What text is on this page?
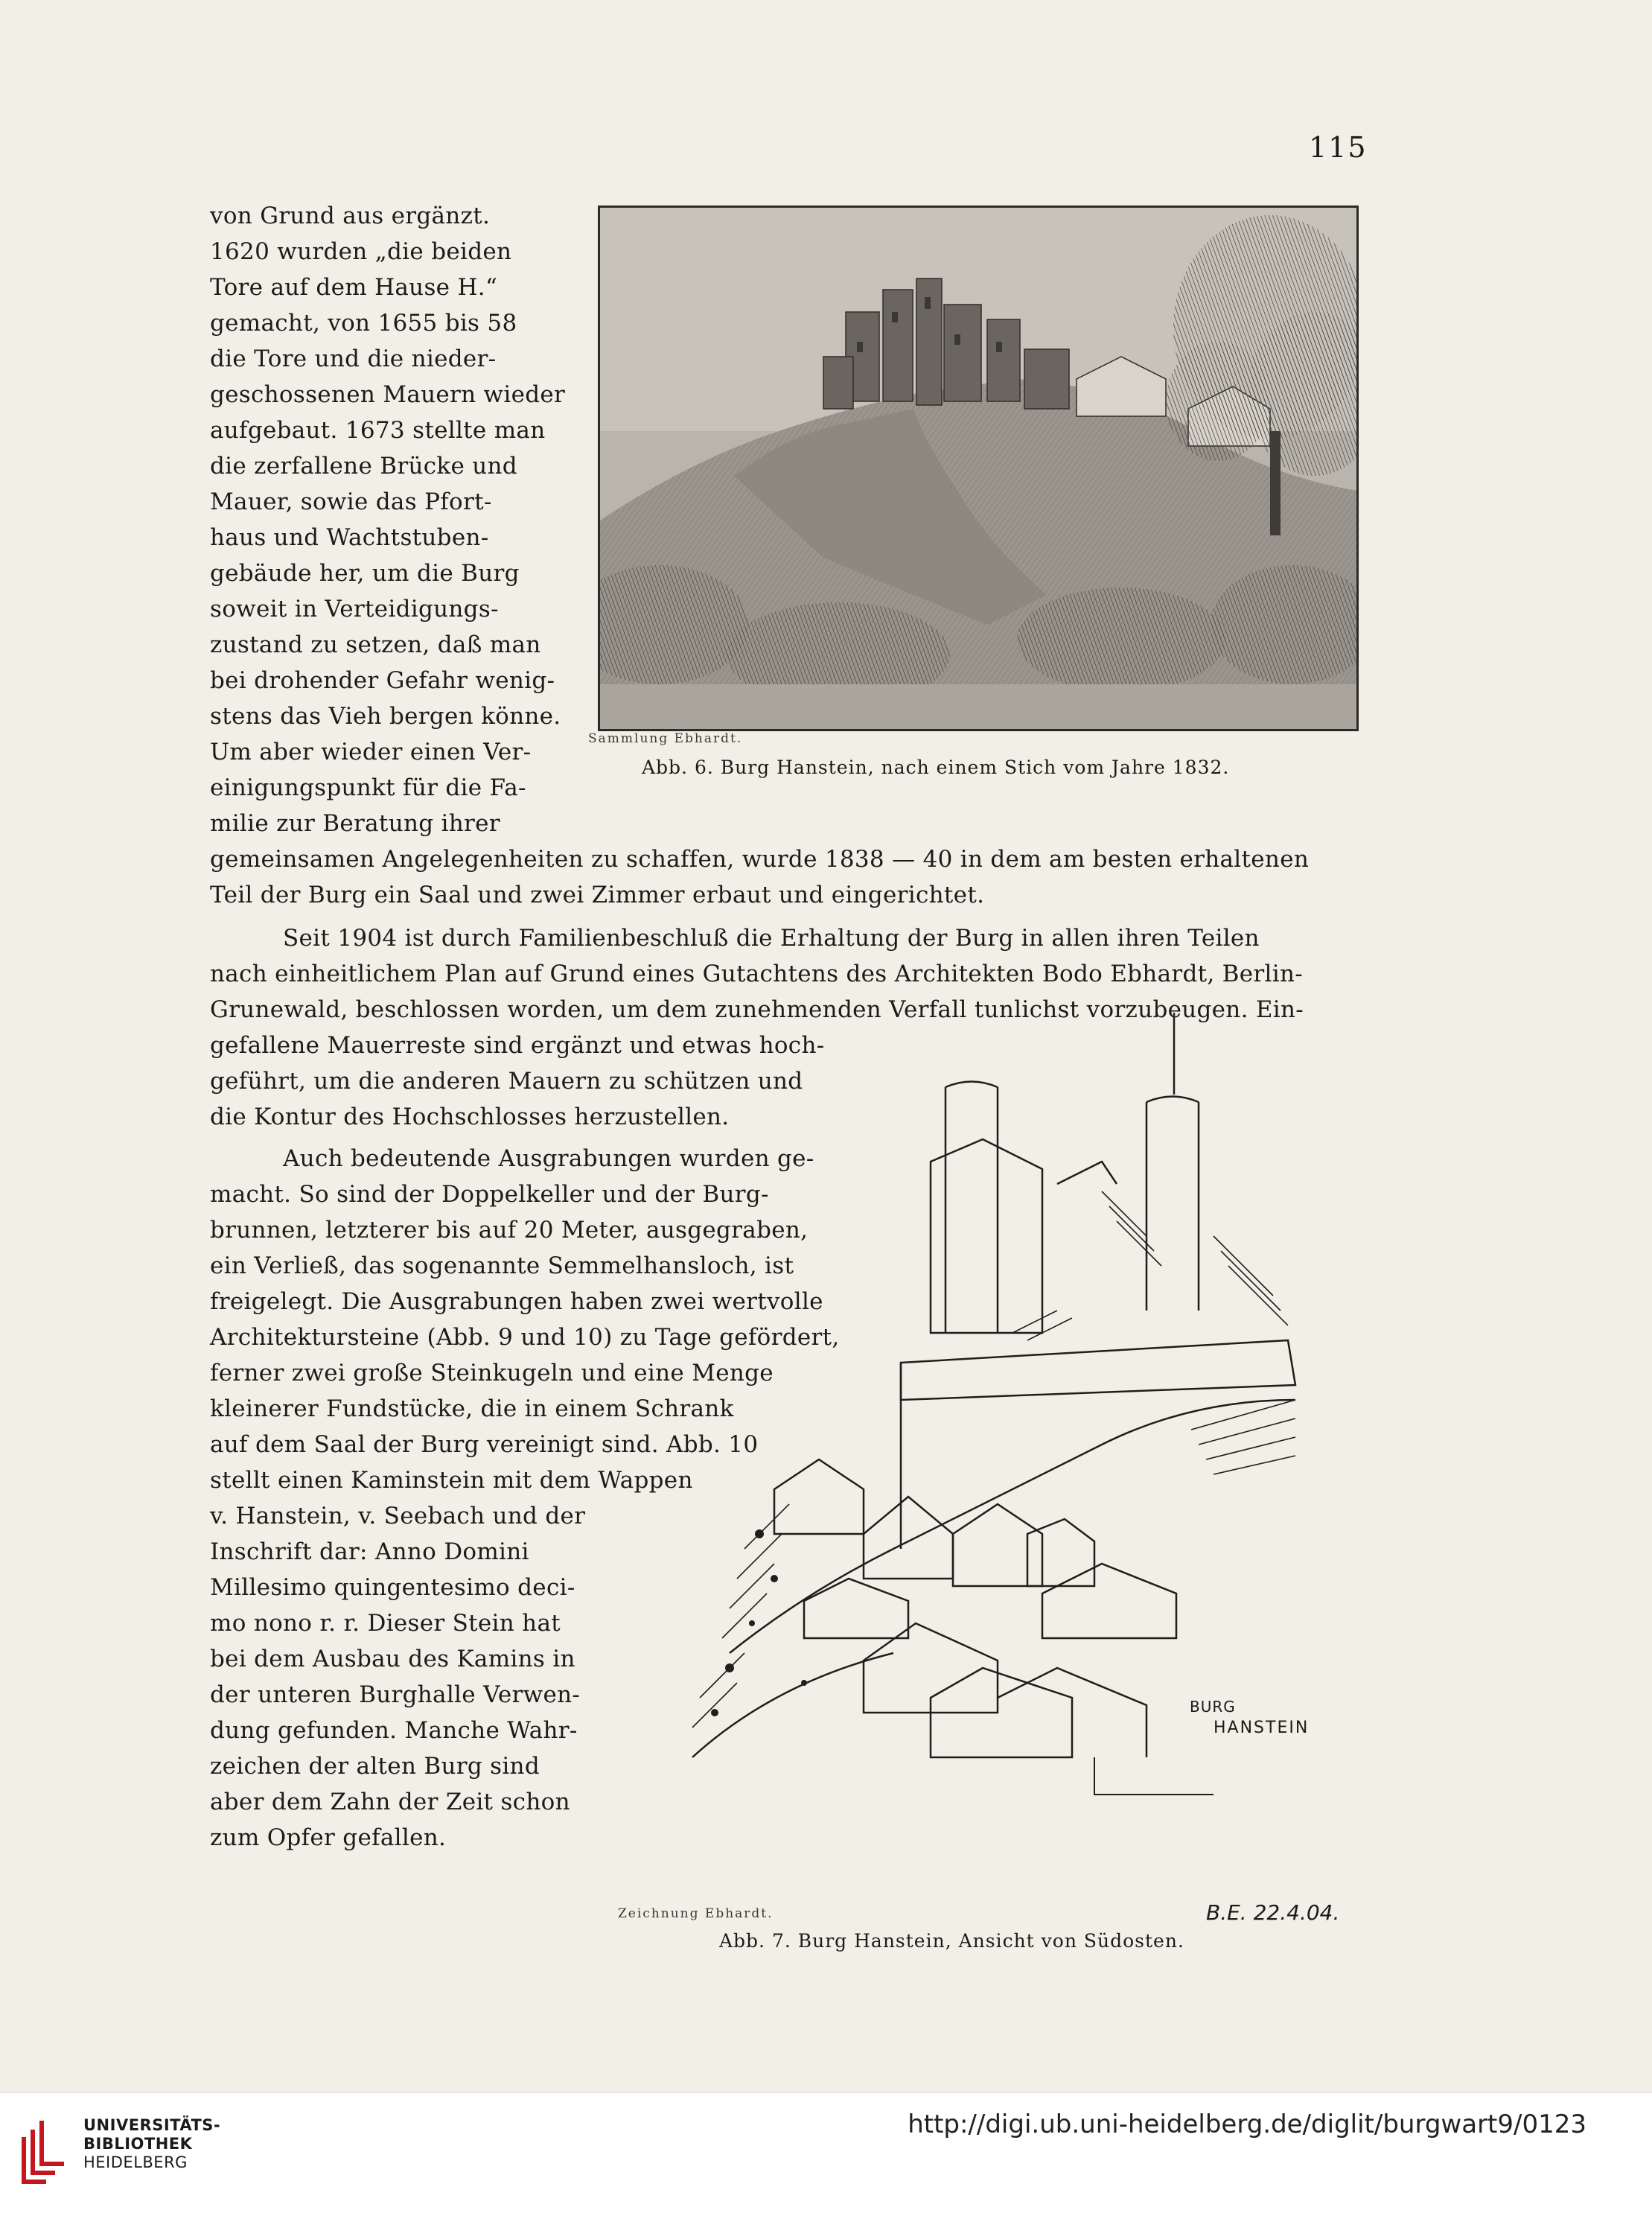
115
Sammlung Ebhardt.
Abb. 6. Burg Hanstein, nach einem Stich vom Jahre 1832.
von Grund aus ergänzt.
1620 wurden „die beiden
Tore auf dem Hause H.“
gemacht, von 1655 bis 58
die Tore und die nieder-
geschossenen Mauern wieder
aufgebaut. 1673 stellte man
die zerfallene Brücke und
Mauer, sowie das Pfort-
haus und Wachtstuben-
gebäude her, um die Burg
soweit in Verteidigungs-
zustand zu setzen, daß man
bei drohender Gefahr wenig-
stens das Vieh bergen könne.
Um aber wieder einen Ver-
einigungspunkt für die Fa-
milie zur Beratung ihrer
gemeinsamen Angelegenheiten zu schaffen, wurde 1838 — 40 in dem am besten erhaltenen
Teil der Burg ein Saal und zwei Zimmer erbaut und eingerichtet.
Seit 1904 ist durch Familienbeschluß die Erhaltung der Burg in allen ihren Teilen
nach einheitlichem Plan auf Grund eines Gutachtens des Architekten Bodo Ebhardt, Berlin-
Grunewald, beschlossen worden, um dem zunehmenden Verfall tunlichst vorzubeugen. Ein-
gefallene Mauerreste sind ergänzt und etwas hoch-
geführt, um die anderen Mauern zu schützen und
die Kontur des Hochschlosses herzustellen.
Auch bedeutende Ausgrabungen wurden ge-
macht. So sind der Doppelkeller und der Burg-
brunnen, letzterer bis auf 20 Meter, ausgegraben,
ein Verließ, das sogenannte Semmelhansloch, ist
freigelegt. Die Ausgrabungen haben zwei wertvolle
Architektursteine (Abb. 9 und 10) zu Tage gefördert,
ferner zwei große Steinkugeln und eine Menge
kleinerer Fundstücke, die in einem Schrank
auf dem Saal der Burg vereinigt sind. Abb. 10
stellt einen Kaminstein mit dem Wappen
v. Hanstein, v. Seebach und der
Inschrift dar: Anno Domini
Millesimo quingentesimo deci-
mo nono r. r. Dieser Stein hat
bei dem Ausbau des Kamins in
der unteren Burghalle Verwen-
dung gefunden. Manche Wahr-
zeichen der alten Burg sind
aber dem Zahn der Zeit schon
zum Opfer gefallen.
BURG
HANSTEIN
Zeichnung Ebhardt.	B.E. 22.4.04.
Abb. 7. Burg Hanstein, Ansicht von Südosten.
UNIVERSITÄTS-
BIBLIOTHEK
HEIDELBERG
http://digi.ub.uni-heidelberg.de/diglit/burgwart9/0123
